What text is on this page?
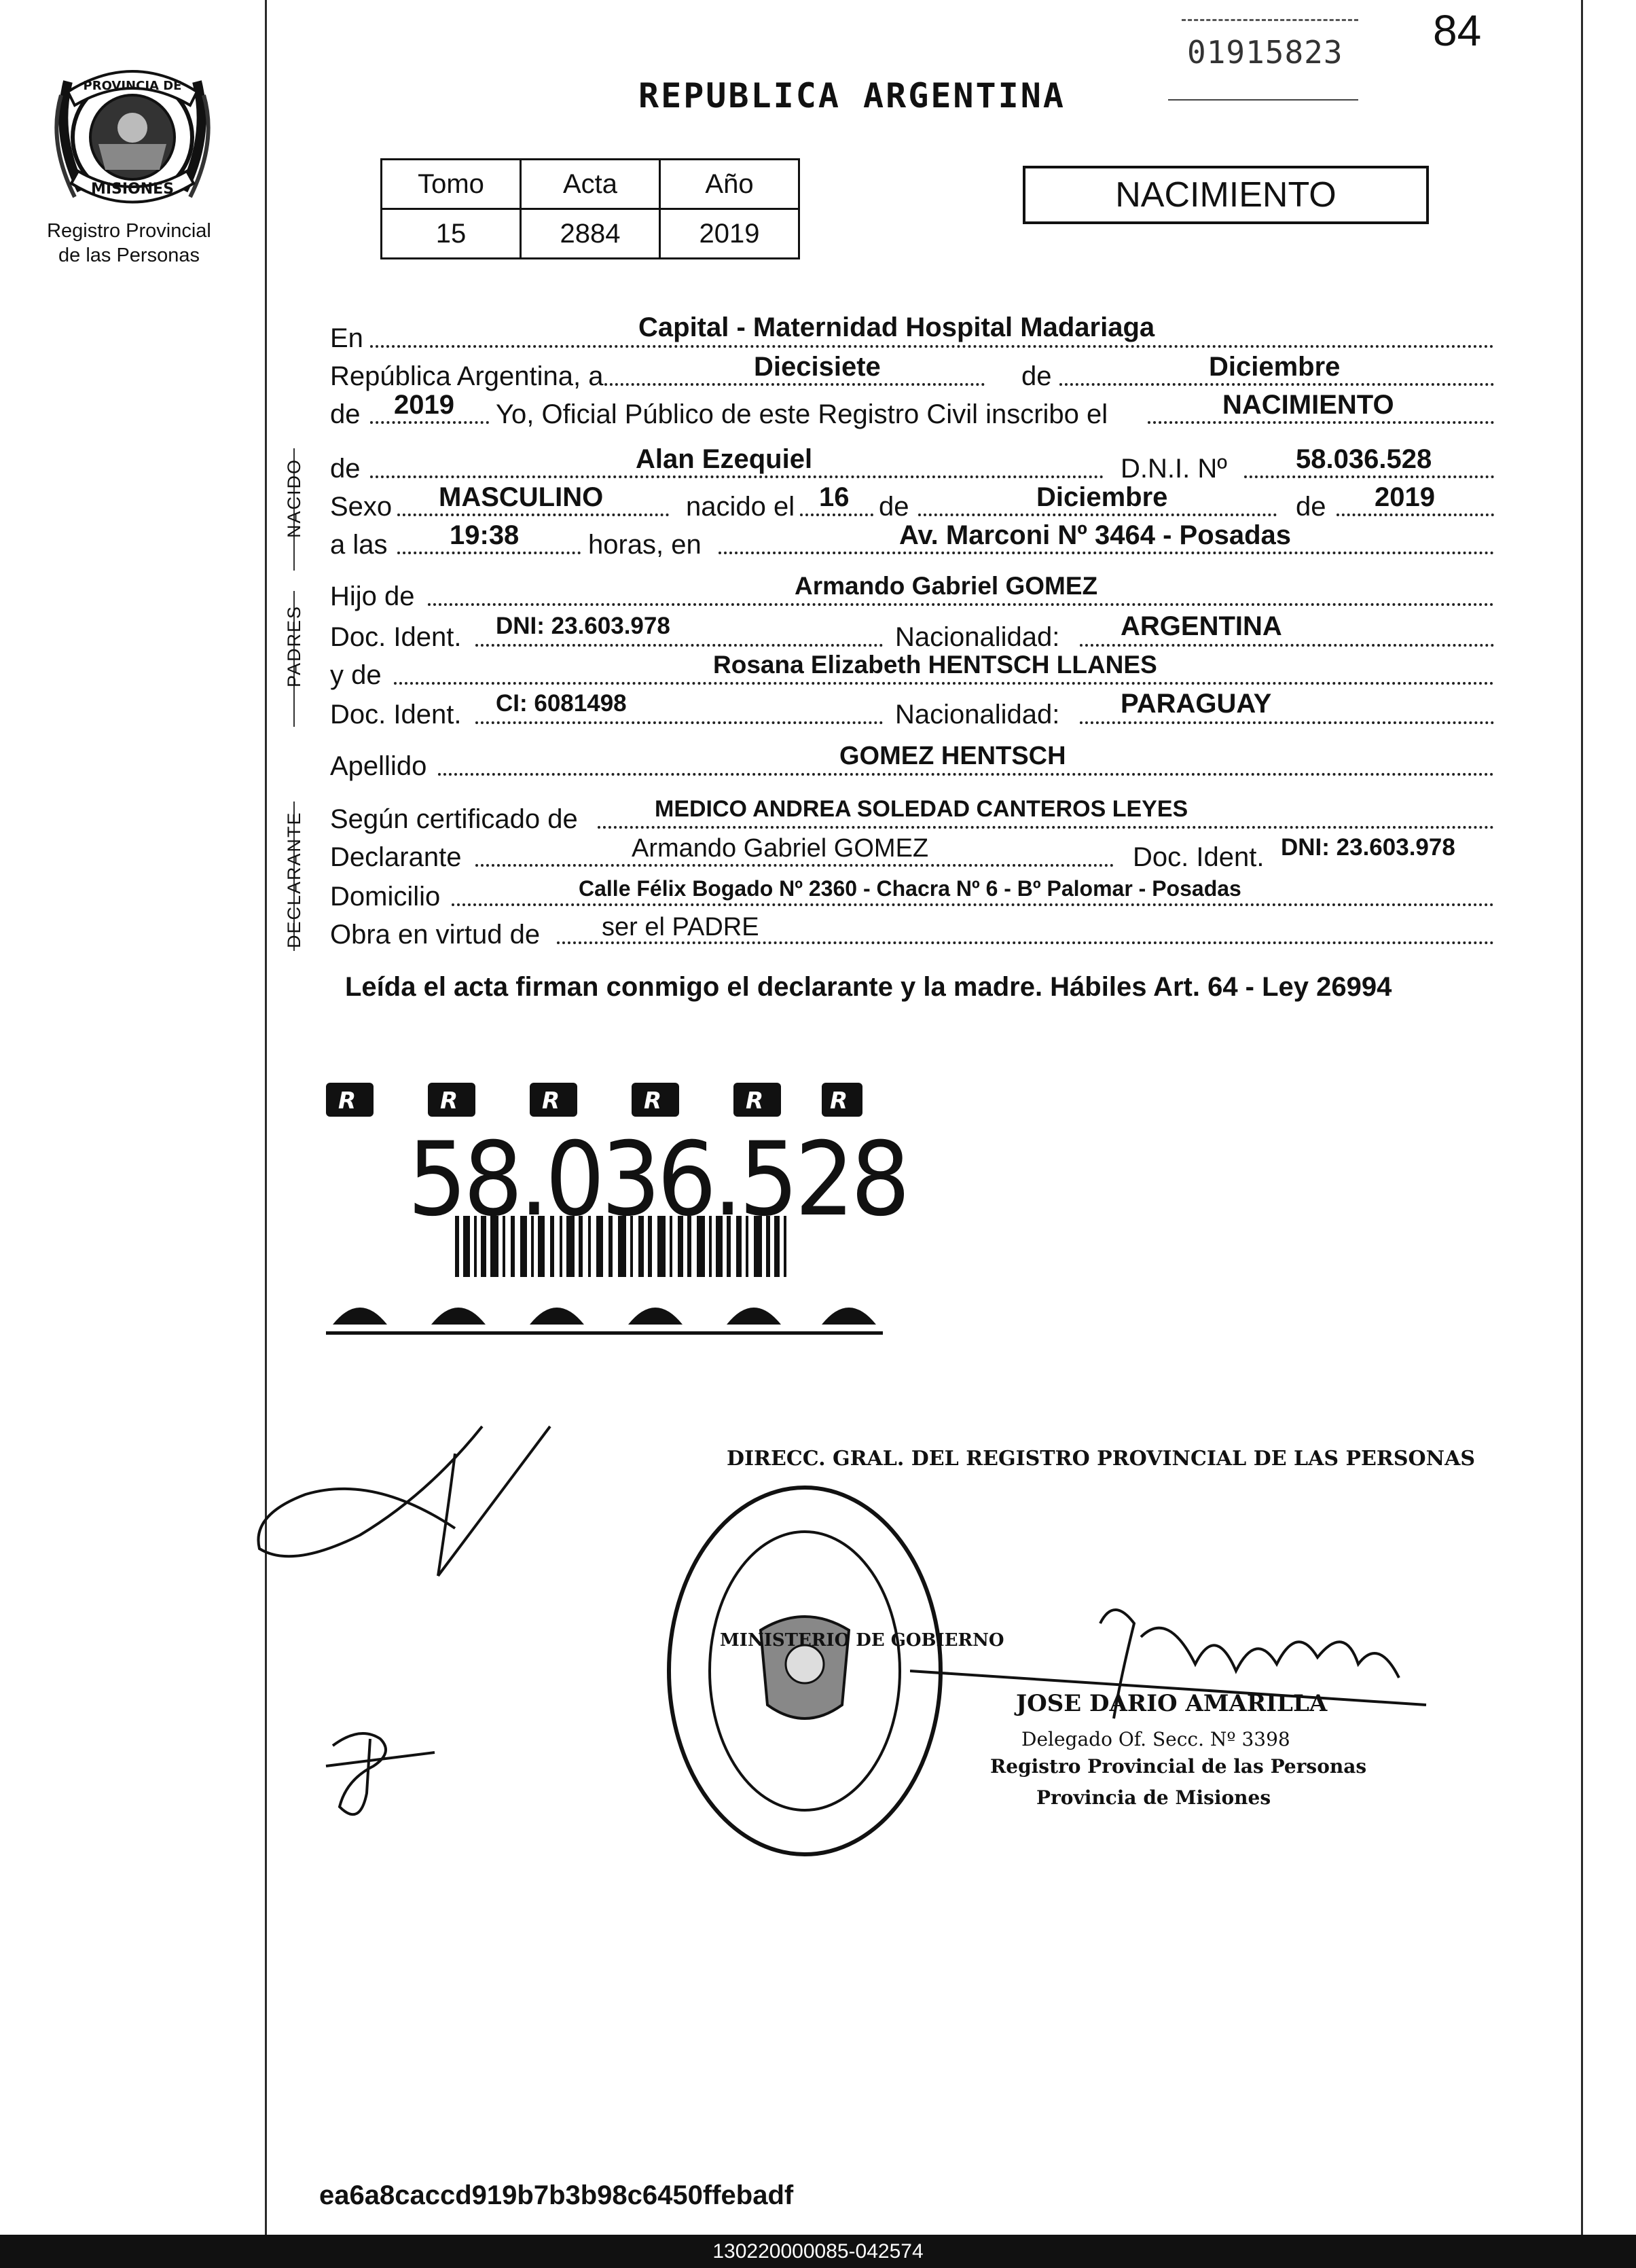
84
01915823
REPUBLICA ARGENTINA
PROVINCIA DE
MISIONES
Registro Provincial
de las Personas
Tomo	Acta	Año
15	2884	2019
NACIMIENTO
En	Capital - Maternidad Hospital Madariaga
República Argentina, a	Diecisiete	de	Diciembre
de 2019 Yo, Oficial Público de este Registro Civil inscribo el	NACIMIENTO
NACIDO de	Alan Ezequiel	D.N.I. Nº	58.036.528
Sexo MASCULINO	nacido el 16 de	Diciembre	de 2019
a las 19:38	horas, en	Av. Marconi Nº 3464 - Posadas
PADRES
Hijo de	Armando Gabriel GOMEZ
Doc. Ident. DNI: 23.603.978	Nacionalidad: ARGENTINA
y de	Rosana Elizabeth HENTSCH LLANES
Doc. Ident. CI: 6081498	Nacionalidad: PARAGUAY
Apellido	GOMEZ HENTSCH
DECLARANTE Según certificado de	MEDICO ANDREA SOLEDAD CANTEROS LEYES
Declarante	Armando Gabriel GOMEZ	Doc. Ident. DNI: 23.603.978
Domicilio	Calle Félix Bogado Nº 2360 - Chacra Nº 6 - Bº Palomar - Posadas
Obra en virtud de ser el PADRE
Leída el acta firman conmigo el declarante y la madre. Hábiles Art. 64 - Ley 26994
R	R	R	R	R	R
58.036.528
DIRECC. GRAL. DEL REGISTRO PROVINCIAL DE LAS PERSONAS
MINISTERIO DE GOBIERNO
JOSE DARIO AMARILLA
Delegado Of. Secc. Nº 3398
Registro Provincial de las Personas
Provincia de Misiones
ea6a8caccd919b7b3b98c6450ffebadf
130220000085-042574
